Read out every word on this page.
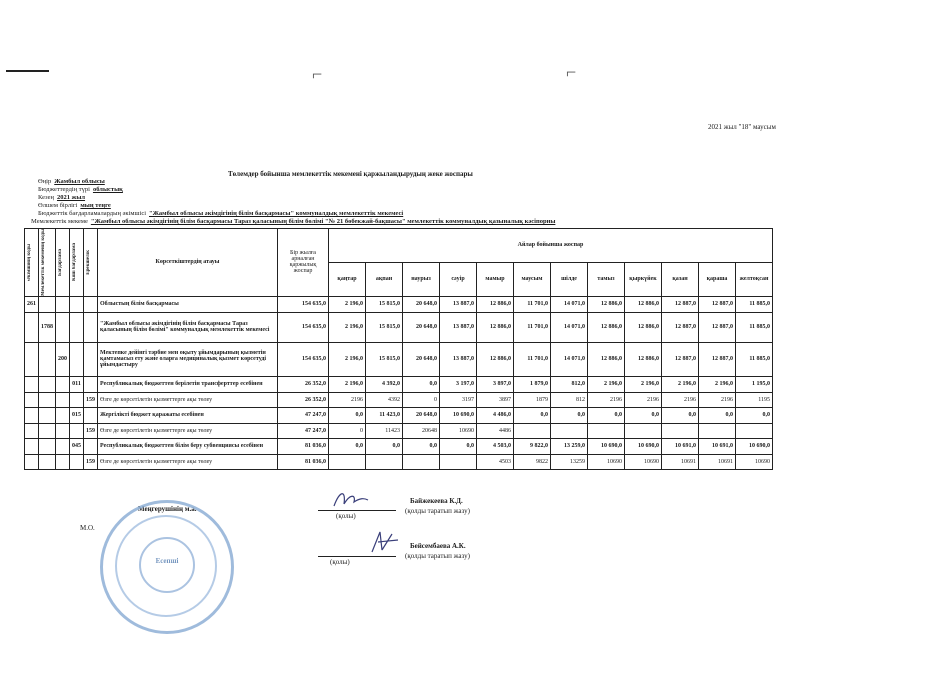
⌐	⌐
2021 жыл "18" маусым
Төлемдер бойынша мемлекеттік мекемені қаржыландырудың жеке жоспары
Өңір Жамбыл облысы
Бюджеттердің түрі облыстық
Кезең 2021 жыл
Өлшем бірлігі мың теңге
Бюджеттік бағдарламалардың әкімшісі "Жамбыл облысы әкімдігінің білім басқармасы" коммуналдық мемлекеттік мекемесі
Мемлекеттік мекеме "Жамбыл облысы әкімдігінің білім басқармасы Тараз қаласының білім бөлімі "№ 21 бөбекжай-бақшасы" мемлекеттік коммуналдық қазыналық кәсіпорны
Әкімшінің коды	Мемлекеттік мекеменің коды	Бағдарлама	Кіші бағдарлама	Ерекшелік	Көрсеткіштердің атауы	Бір жылға арналған қаржылық жоспар	Айлар бойынша жоспар											
							қаңтар	ақпан	наурыз	сәуір	мамыр	маусым	шілде	тамыз	қыркүйек	қазан	қараша	желтоқсан
261					Облыстың білім басқармасы	154 635,0	2 196,0	15 815,0	20 648,0	13 887,0	12 886,0	11 701,0	14 071,0	12 886,0	12 886,0	12 887,0	12 887,0	11 885,0
	1788				"Жамбыл облысы әкімдігінің білім басқармасы Тараз қаласының білім бөлімі" коммуналдық мемлекеттік мекемесі	154 635,0	2 196,0	15 815,0	20 648,0	13 887,0	12 886,0	11 701,0	14 071,0	12 886,0	12 886,0	12 887,0	12 887,0	11 885,0
		200			Мектепке дейінгі тәрбие мен оқыту ұйымдарының қызметін қамтамасыз ету және оларға медициналық қызмет көрсетуді ұйымдастыру	154 635,0	2 196,0	15 815,0	20 648,0	13 887,0	12 886,0	11 701,0	14 071,0	12 886,0	12 886,0	12 887,0	12 887,0	11 885,0
			011		Республикалық бюджеттен берілетін трансферттер есебінен	26 352,0	2 196,0	4 392,0	0,0	3 197,0	3 897,0	1 879,0	812,0	2 196,0	2 196,0	2 196,0	2 196,0	1 195,0
				159	Өзге де көрсетілетін қызметтерге ақы төлеу	26 352,0	2196	4392	0	3197	3897	1879	812	2196	2196	2196	2196	1195
			015		Жергілікті бюджет қаражаты есебінен	47 247,0	0,0	11 423,0	20 648,0	10 690,0	4 486,0	0,0	0,0	0,0	0,0	0,0	0,0	0,0
				159	Өзге де көрсетілетін қызметтерге ақы төлеу	47 247,0	0	11423	20648	10690	4486							
			045		Республикалық бюджеттен білім беру субвенциясы есебінен	81 036,0	0,0	0,0	0,0	0,0	4 503,0	9 822,0	13 259,0	10 690,0	10 690,0	10 691,0	10 691,0	10 690,0
				159	Өзге де көрсетілетін қызметтерге ақы төлеу	81 036,0					4503	9822	13259	10690	10690	10691	10691	10690
Меңгерушінің м.а.
(қолы)
Байжекеева К.Д.
(қолды таратып жазу)
М.О.
(қолы)
Бейсембаева А.К.
(қолды таратып жазу)
Есепші
